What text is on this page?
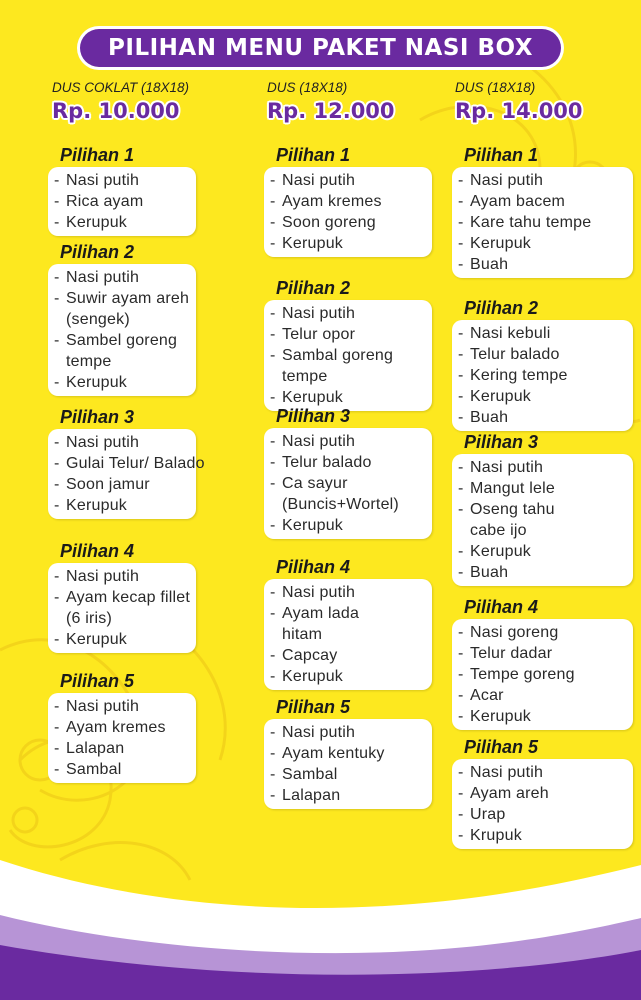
PILIHAN MENU PAKET NASI BOX
DUS COKLAT (18X18)
Rp. 10.000
DUS (18X18)
Rp. 12.000
DUS (18X18)
Rp. 14.000
Pilihan 1
- Nasi putih
- Rica ayam
- Kerupuk
Pilihan 2
- Nasi putih
- Suwir ayam areh
(sengek)
- Sambel goreng
tempe
- Kerupuk
Pilihan 3
- Nasi putih
- Gulai Telur/ Balado
- Soon jamur
- Kerupuk
Pilihan 4
- Nasi putih
- Ayam kecap fillet
(6 iris)
- Kerupuk
Pilihan 5
- Nasi putih
- Ayam kremes
- Lalapan
- Sambal
Pilihan 1
- Nasi putih
- Ayam kremes
- Soon goreng
- Kerupuk
Pilihan 2
- Nasi putih
- Telur opor
- Sambal goreng
tempe
- Kerupuk
Pilihan 3
- Nasi putih
- Telur balado
- Ca sayur
(Buncis+Wortel)
- Kerupuk
Pilihan 4
- Nasi putih
- Ayam lada
hitam
- Capcay
- Kerupuk
Pilihan 5
- Nasi putih
- Ayam kentuky
- Sambal
- Lalapan
Pilihan 1
- Nasi putih
- Ayam bacem
- Kare tahu tempe
- Kerupuk
- Buah
Pilihan 2
- Nasi kebuli
- Telur balado
- Kering tempe
- Kerupuk
- Buah
Pilihan 3
- Nasi putih
- Mangut lele
- Oseng tahu
cabe ijo
- Kerupuk
- Buah
Pilihan 4
- Nasi goreng
- Telur dadar
- Tempe goreng
- Acar
- Kerupuk
Pilihan 5
- Nasi putih
- Ayam areh
- Urap
- Krupuk
